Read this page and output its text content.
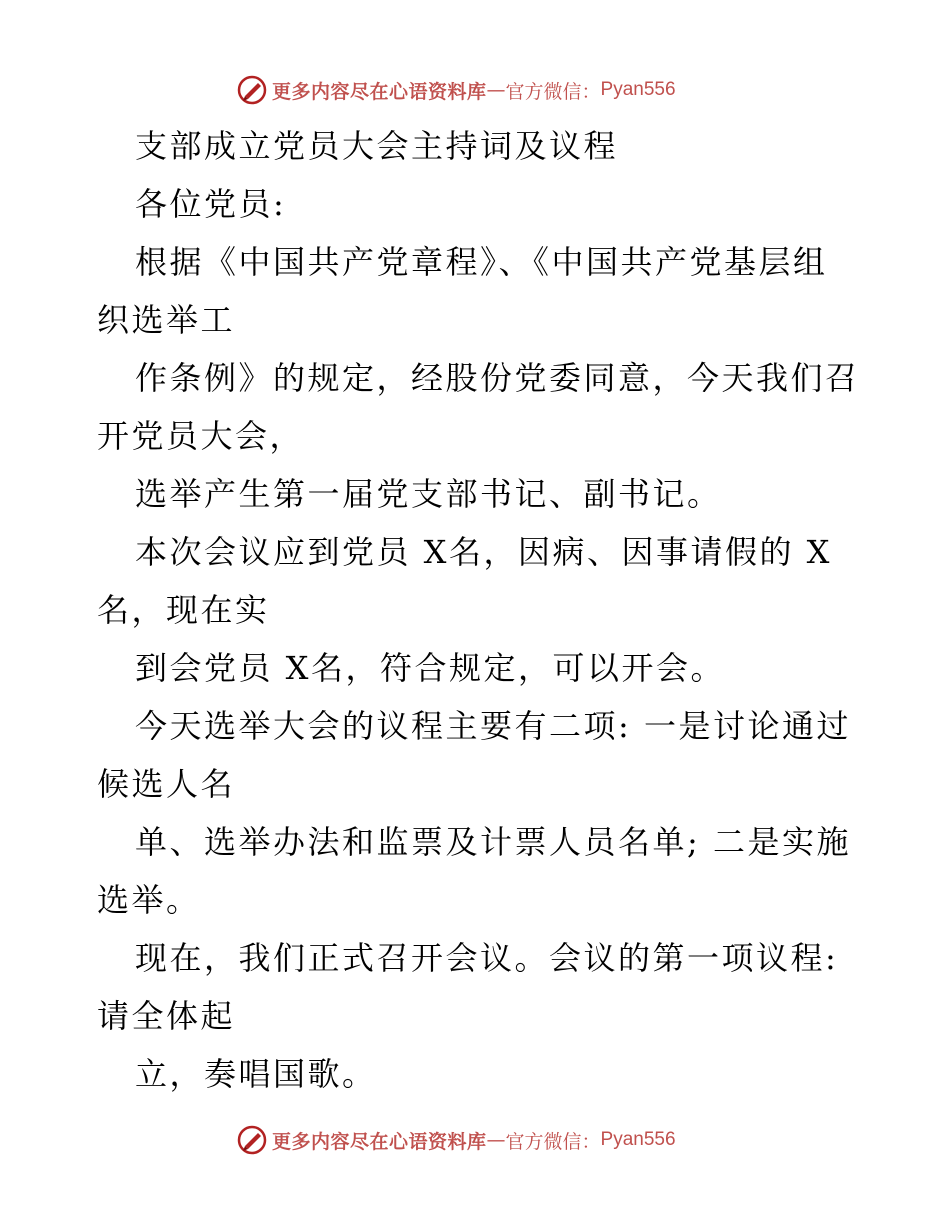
更多内容尽在心语资料库 — 官方微信： Pyan556
支部成立党员大会主持词及议程
各位党员:
根据《中国共产党章程》、《中国共产党基层组
织选举工
作条例》的规定，经股份党委同意，今天我们召
开党员大会，
选举产生第一届党支部书记、副书记。
本次会议应到党员 X名，因病、因事请假的 X
名，现在实
到会党员 X名，符合规定，可以开会。
今天选举大会的议程主要有二项: 一是讨论通过
候选人名
单、选举办法和监票及计票人员名单; 二是实施
选举。
现在，我们正式召开会议。会议的第一项议程:
请全体起
立，奏唱国歌。
更多内容尽在心语资料库 — 官方微信： Pyan556
